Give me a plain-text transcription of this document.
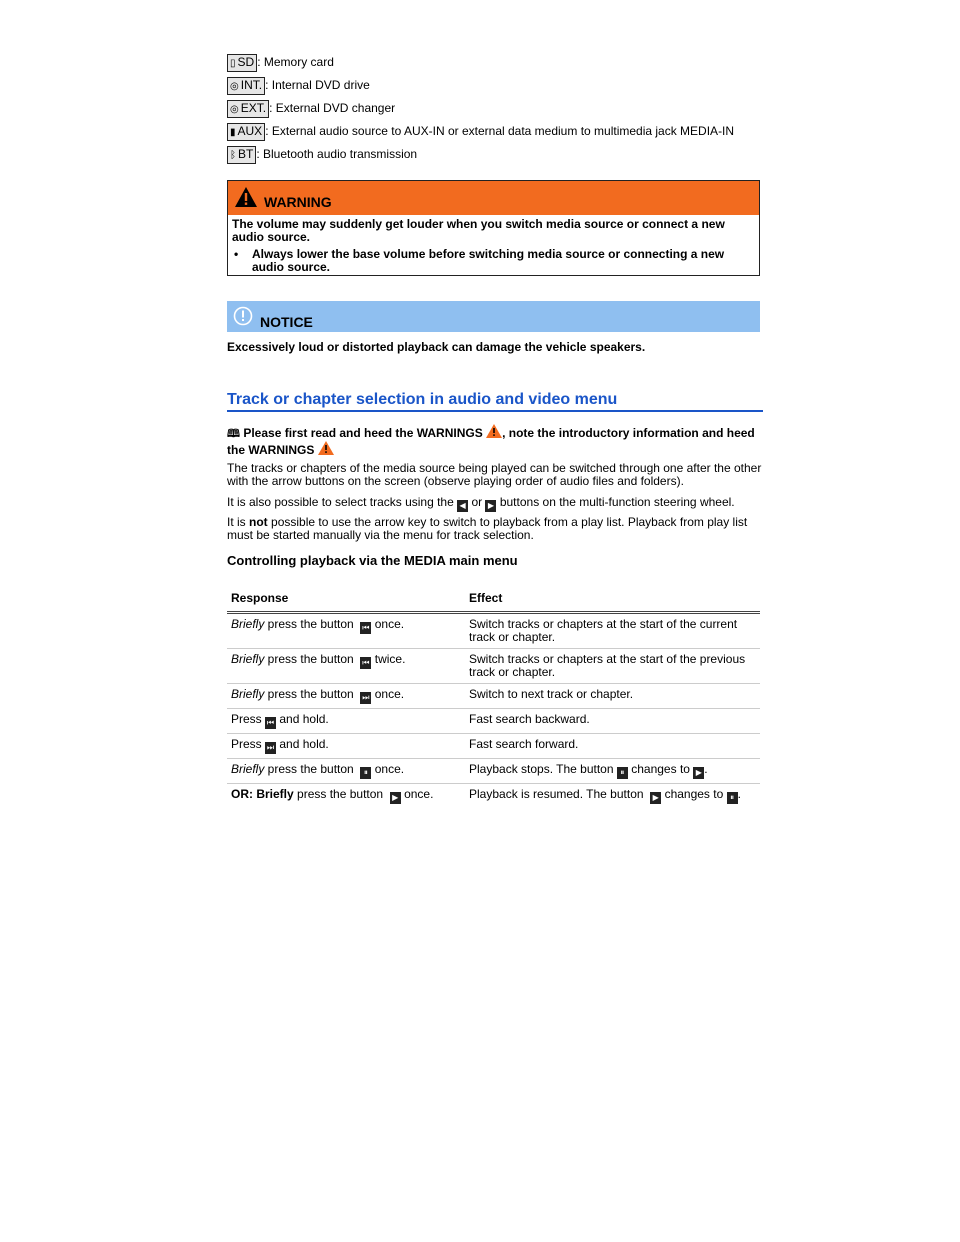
▯ SD : Memory card
◎ INT. : Internal DVD drive
◎ EXT. : External DVD changer
▮ AUX : External audio source to AUX-IN or external data medium to multimedia jack MEDIA-IN
ᛒ BT : Bluetooth audio transmission
WARNING
The volume may suddenly get louder when you switch media source or connect a new audio source.
• Always lower the base volume before switching media source or connecting a new audio source.
NOTICE
Excessively loud or distorted playback can damage the vehicle speakers.
Track or chapter selection in audio and video menu
🕮 Please first read and heed the WARNINGS , note the introductory information and heed
the WARNINGS
The tracks or chapters of the media source being played can be switched through one after the other with the arrow buttons on the screen (observe playing order of audio files and folders).
It is also possible to select tracks using the ◀ or ▶ buttons on the multi-function steering wheel.
It is not possible to use the arrow key to switch to playback from a play list. Playback from play list must be started manually via the menu for track selection.
Controlling playback via the MEDIA main menu
Response	Effect
Briefly press the button ⏮ once.	Switch tracks or chapters at the start of the current track or chapter.
Briefly press the button ⏮ twice.	Switch tracks or chapters at the start of the previous track or chapter.
Briefly press the button ⏭ once.	Switch to next track or chapter.
Press ⏮ and hold.	Fast search backward.
Press ⏭ and hold.	Fast search forward.
Briefly press the button ⏸ once.	Playback stops. The button ⏸ changes to ▶ .
OR: Briefly press the button ▶ once.	Playback is resumed. The button ▶ changes to ⏸ .
